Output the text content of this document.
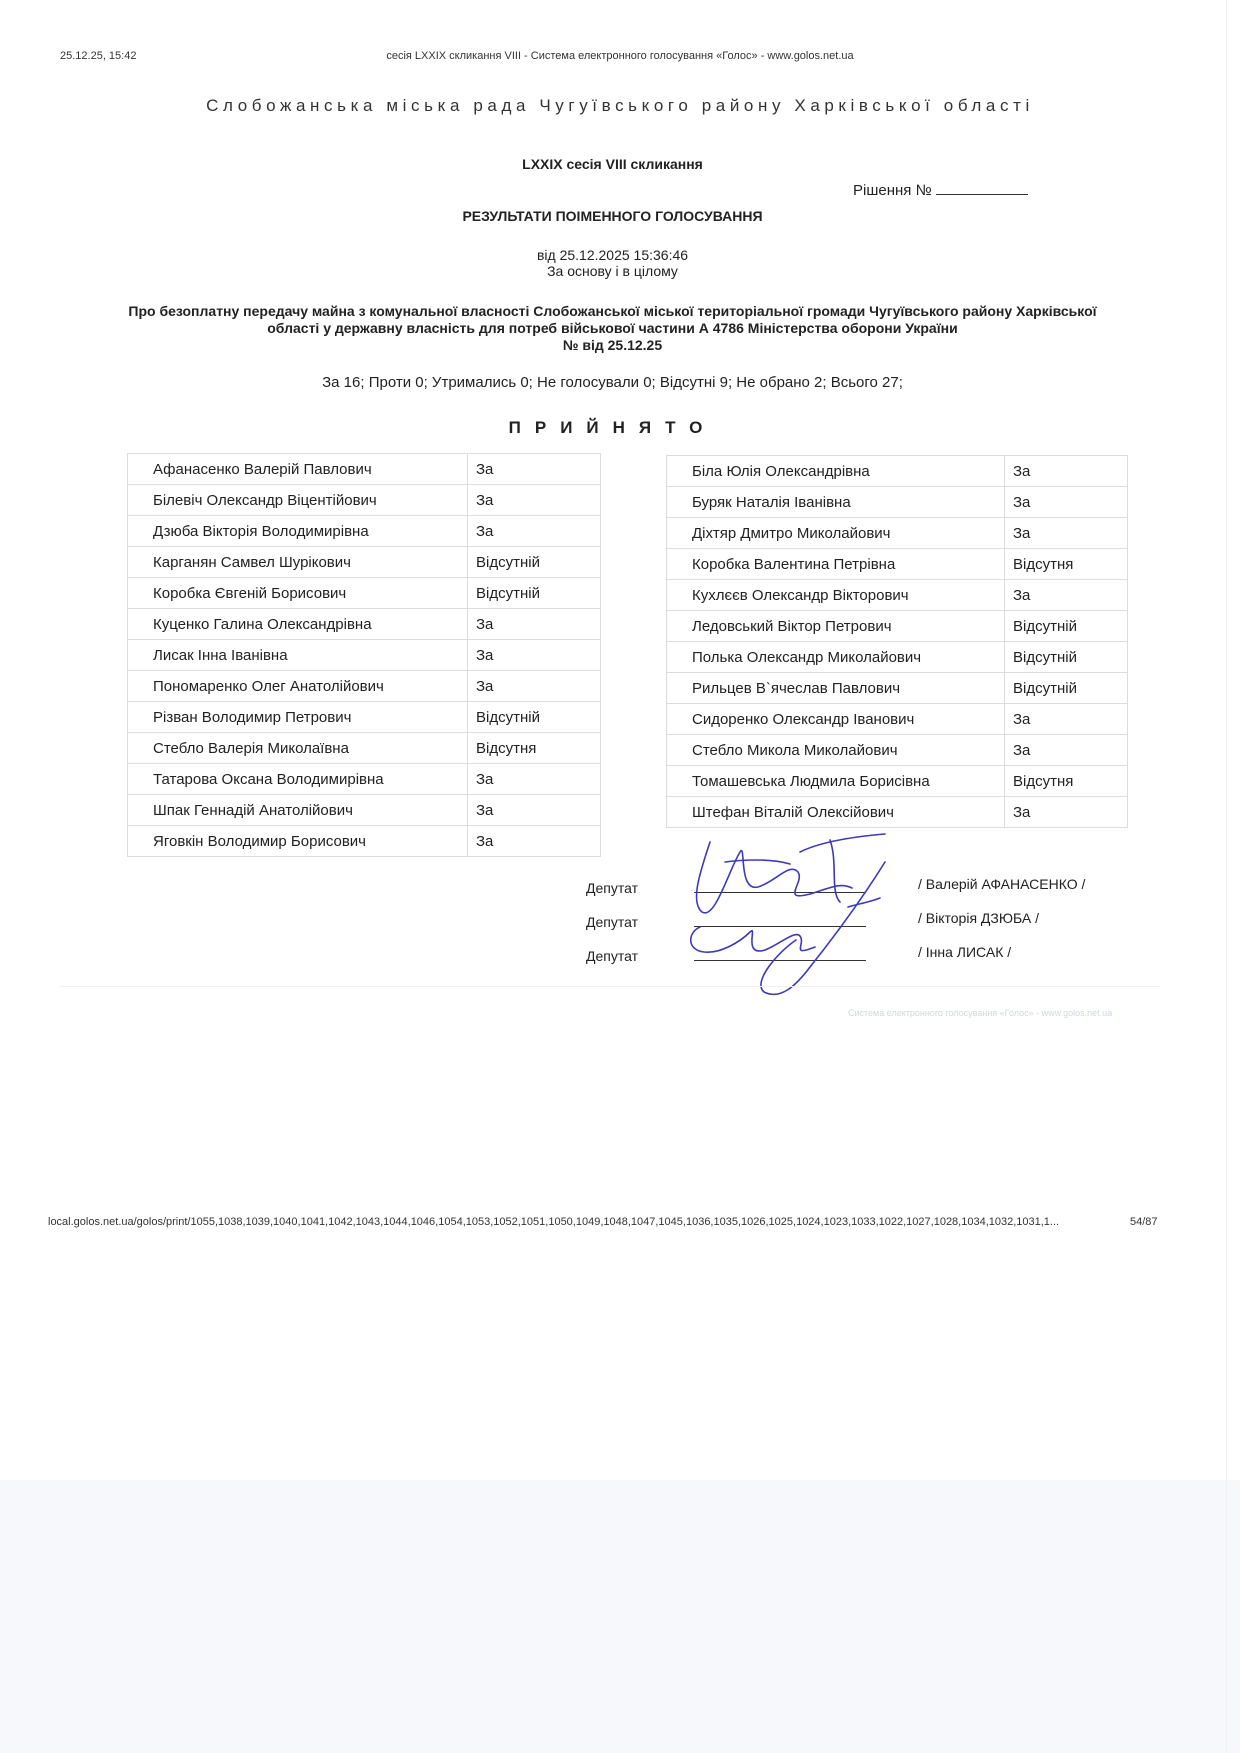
25.12.25, 15:42	сесія LXXIX скликання VIII - Система електронного голосування «Голос» - www.golos.net.ua
Слобожанська міська рада Чугуївського району Харківської області
LXXIX сесія VIII скликання
Рішення №
РЕЗУЛЬТАТИ ПОІМЕННОГО ГОЛОСУВАННЯ
від 25.12.2025 15:36:46
За основу і в цілому
Про безоплатну передачу майна з комунальної власності Слобожанської міської територіальної громади Чугуївського району Харківської області у державну власність для потреб військової частини А 4786 Міністерства оборони України
№ від 25.12.25
За 16; Проти 0; Утримались 0; Не голосували 0; Відсутні 9; Не обрано 2; Всього 27;
ПРИЙНЯТО
Афанасенко Валерій Павлович	За
Білевіч Олександр Віцентійович	За
Дзюба Вікторія Володимирівна	За
Карганян Самвел Шурікович	Відсутній
Коробка Євгеній Борисович	Відсутній
Куценко Галина Олександрівна	За
Лисак Інна Іванівна	За
Пономаренко Олег Анатолійович	За
Різван Володимир Петрович	Відсутній
Стебло Валерія Миколаївна	Відсутня
Татарова Оксана Володимирівна	За
Шпак Геннадій Анатолійович	За
Яговкін Володимир Борисович	За
Біла Юлія Олександрівна	За
Буряк Наталія Іванівна	За
Діхтяр Дмитро Миколайович	За
Коробка Валентина Петрівна	Відсутня
Кухлєєв Олександр Вікторович	За
Ледовський Віктор Петрович	Відсутній
Полька Олександр Миколайович	Відсутній
Рильцев В`ячеслав Павлович	Відсутній
Сидоренко Олександр Іванович	За
Стебло Микола Миколайович	За
Томашевська Людмила Борисівна	Відсутня
Штефан Віталій Олексійович	За
Депутат	/ Валерій АФАНАСЕНКО /
Депутат	/ Вікторія ДЗЮБА /
Депутат	/ Інна ЛИСАК /
Система електронного голосування «Голос» - www.golos.net.ua
local.golos.net.ua/golos/print/1055,1038,1039,1040,1041,1042,1043,1044,1046,1054,1053,1052,1051,1050,1049,1048,1047,1045,1036,1035,1026,1025,1024,1023,1033,1022,1027,1028,1034,1032,1031,1...	54/87
